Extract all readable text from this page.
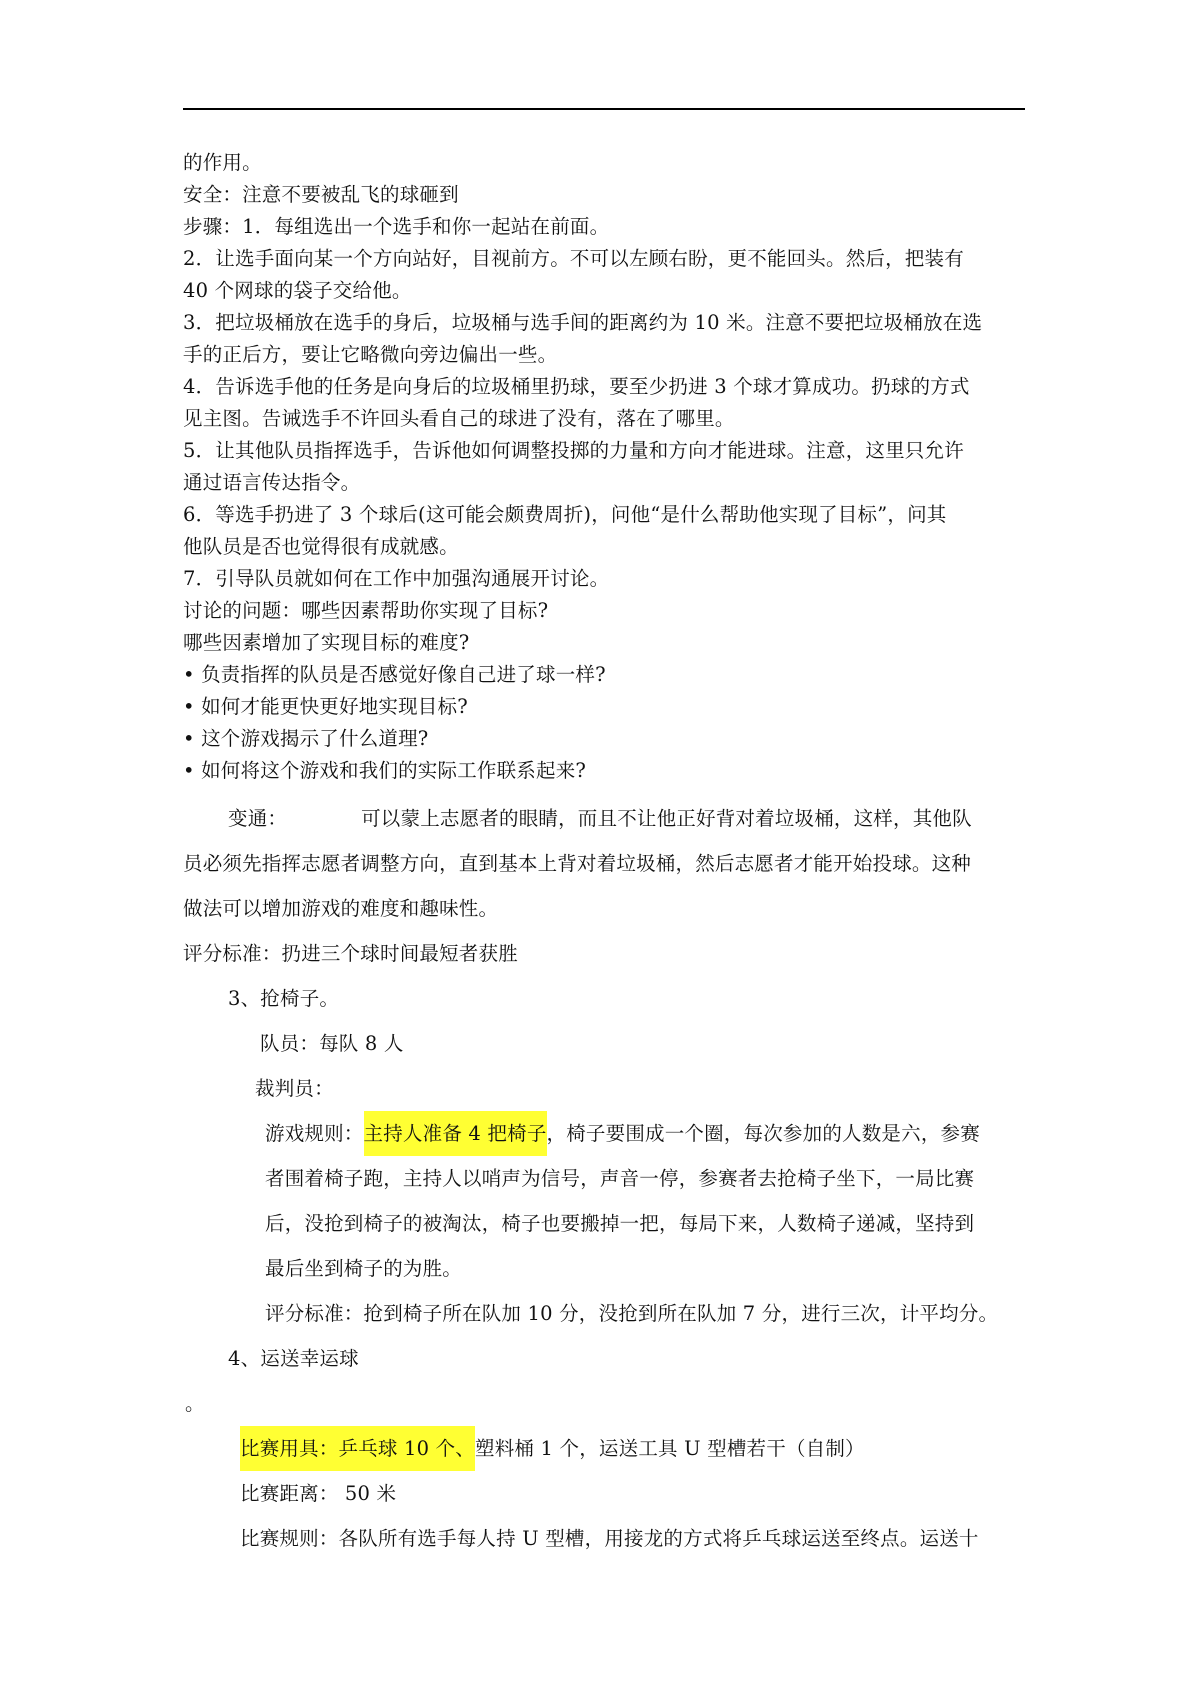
的作用。
安全：注意不要被乱飞的球砸到
步骤：1．每组选出一个选手和你一起站在前面。
2．让选手面向某一个方向站好，目视前方。不可以左顾右盼，更不能回头。然后，把装有
40 个网球的袋子交给他。
3．把垃圾桶放在选手的身后，垃圾桶与选手间的距离约为 10 米。注意不要把垃圾桶放在选
手的正后方，要让它略微向旁边偏出一些。
4．告诉选手他的任务是向身后的垃圾桶里扔球，要至少扔进 3 个球才算成功。扔球的方式
见主图。告诫选手不许回头看自己的球进了没有，落在了哪里。
5．让其他队员指挥选手，告诉他如何调整投掷的力量和方向才能进球。注意，这里只允许
通过语言传达指令。
6．等选手扔进了 3 个球后(这可能会颇费周折)，问他“是什么帮助他实现了目标”，问其
他队员是否也觉得很有成就感。
7．引导队员就如何在工作中加强沟通展开讨论。
讨论的问题：哪些因素帮助你实现了目标?
哪些因素增加了实现目标的难度?
• 负责指挥的队员是否感觉好像自己进了球一样?
• 如何才能更快更好地实现目标?
• 这个游戏揭示了什么道理?
• 如何将这个游戏和我们的实际工作联系起来?
变通：	可以蒙上志愿者的眼睛，而且不让他正好背对着垃圾桶，这样，其他队
员必须先指挥志愿者调整方向，直到基本上背对着垃圾桶，然后志愿者才能开始投球。这种
做法可以增加游戏的难度和趣味性。
评分标准：扔进三个球时间最短者获胜
3、抢椅子。
队员：每队 8 人
裁判员：
游戏规则：主持人准备 4 把椅子，椅子要围成一个圈，每次参加的人数是六，参赛
者围着椅子跑，主持人以哨声为信号，声音一停，参赛者去抢椅子坐下，一局比赛
后，没抢到椅子的被淘汰，椅子也要搬掉一把，每局下来，人数椅子递减，坚持到
最后坐到椅子的为胜。
评分标准：抢到椅子所在队加 10 分，没抢到所在队加 7 分，进行三次，计平均分。
4、运送幸运球
。
比赛用具：乒乓球 10 个、塑料桶 1 个，运送工具 U 型槽若干（自制）
比赛距离： 50 米
比赛规则：各队所有选手每人持 U 型槽，用接龙的方式将乒乓球运送至终点。运送十
